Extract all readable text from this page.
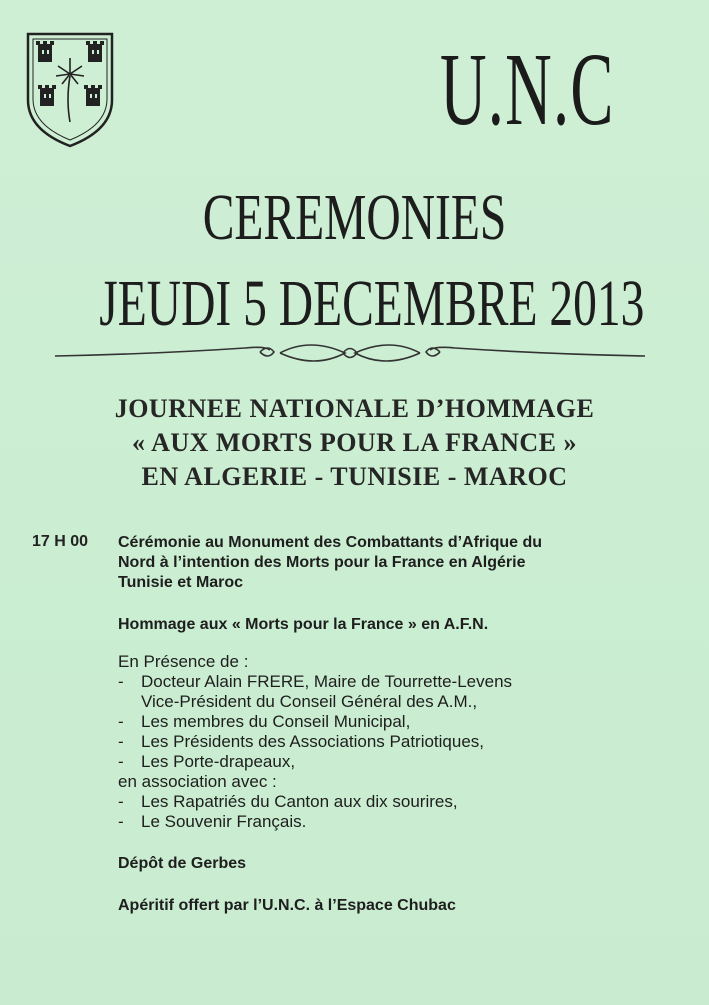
U.N.C
CEREMONIES
JEUDI 5 DECEMBRE 2013
JOURNEE NATIONALE D’HOMMAGE
« AUX MORTS POUR LA FRANCE »
EN ALGERIE - TUNISIE - MAROC
17 H 00 Cérémonie au Monument des Combattants d’Afrique du
Nord à l’intention des Morts pour la France en Algérie
Tunisie et Maroc
Hommage aux « Morts pour la France » en A.F.N.
En Présence de :
- Docteur Alain FRERE, Maire de Tourrette-Levens
Vice-Président du Conseil Général des A.M.,
- Les membres du Conseil Municipal,
- Les Présidents des Associations Patriotiques,
- Les Porte-drapeaux,
en association avec :
- Les Rapatriés du Canton aux dix sourires,
- Le Souvenir Français.
Dépôt de Gerbes
Apéritif offert par l’U.N.C. à l’Espace Chubac
